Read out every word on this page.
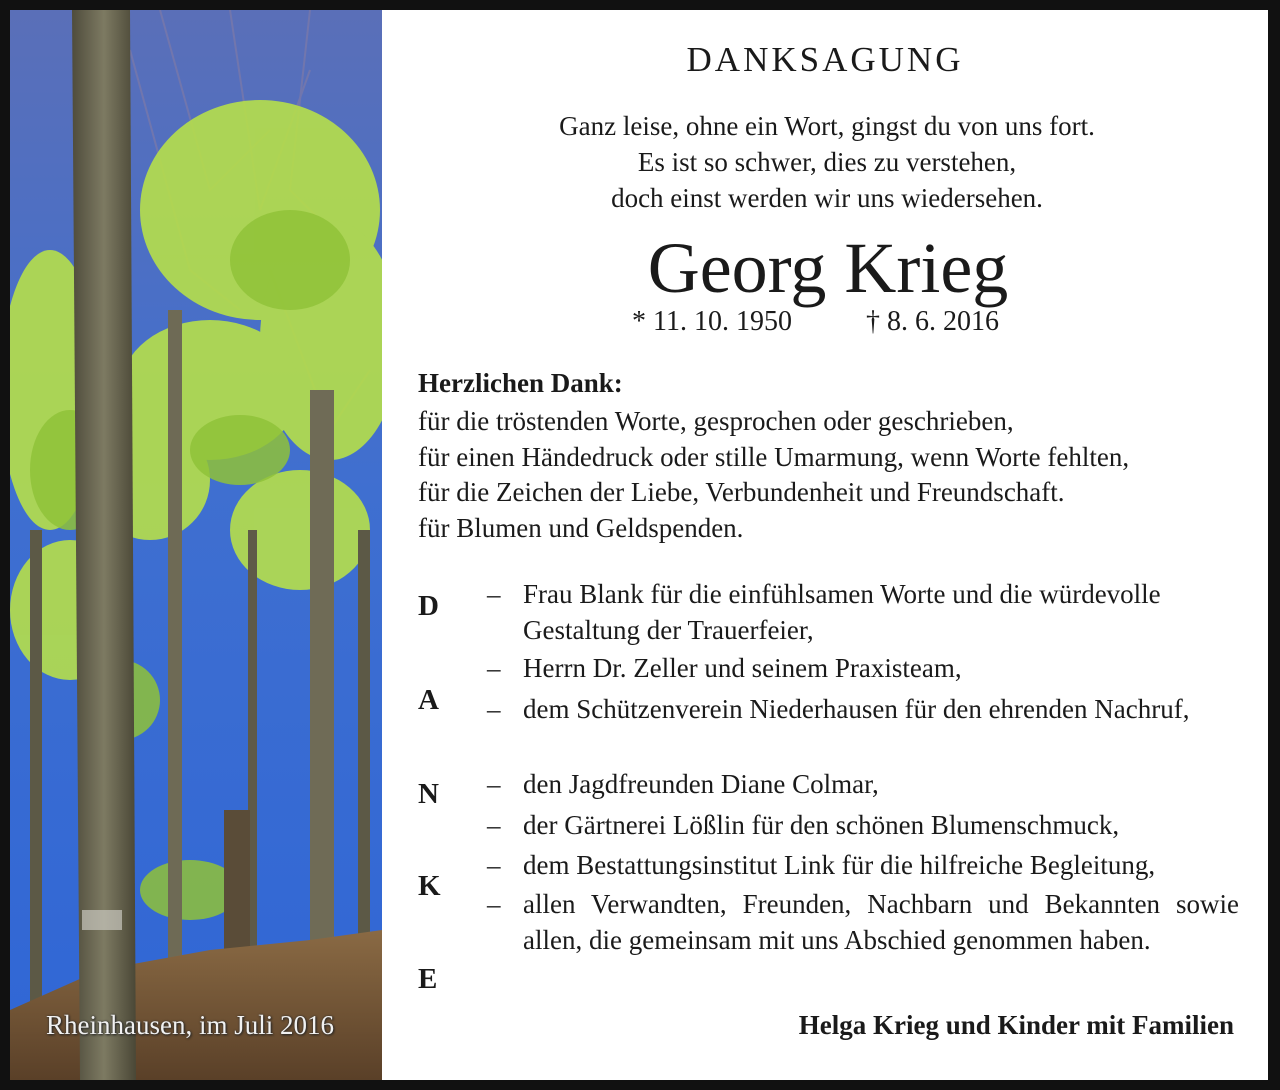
Rheinhausen, im Juli 2016
DANKSAGUNG
Ganz leise, ohne ein Wort, gingst du von uns fort.
Es ist so schwer, dies zu verstehen,
doch einst werden wir uns wiedersehen.
Georg Krieg
* 11. 10. 1950	† 8. 6. 2016
Herzlichen Dank:
für die tröstenden Worte, gesprochen oder geschrieben,
für einen Händedruck oder stille Umarmung, wenn Worte fehlten,
für die Zeichen der Liebe, Verbundenheit und Freundschaft.
für Blumen und Geldspenden.
D
A
N
K
E
– Frau Blank für die einfühlsamen Worte und die würdevolle Gestaltung der Trauerfeier,
– Herrn Dr. Zeller und seinem Praxisteam,
– dem Schützenverein Niederhausen für den ehrenden Nachruf,
– den Jagdfreunden Diane Colmar,
– der Gärtnerei Lößlin für den schönen Blumenschmuck,
– dem Bestattungsinstitut Link für die hilfreiche Begleitung,
– allen Verwandten, Freunden, Nachbarn und Bekannten sowie allen, die gemeinsam mit uns Abschied genommen haben.
Helga Krieg und Kinder mit Familien
